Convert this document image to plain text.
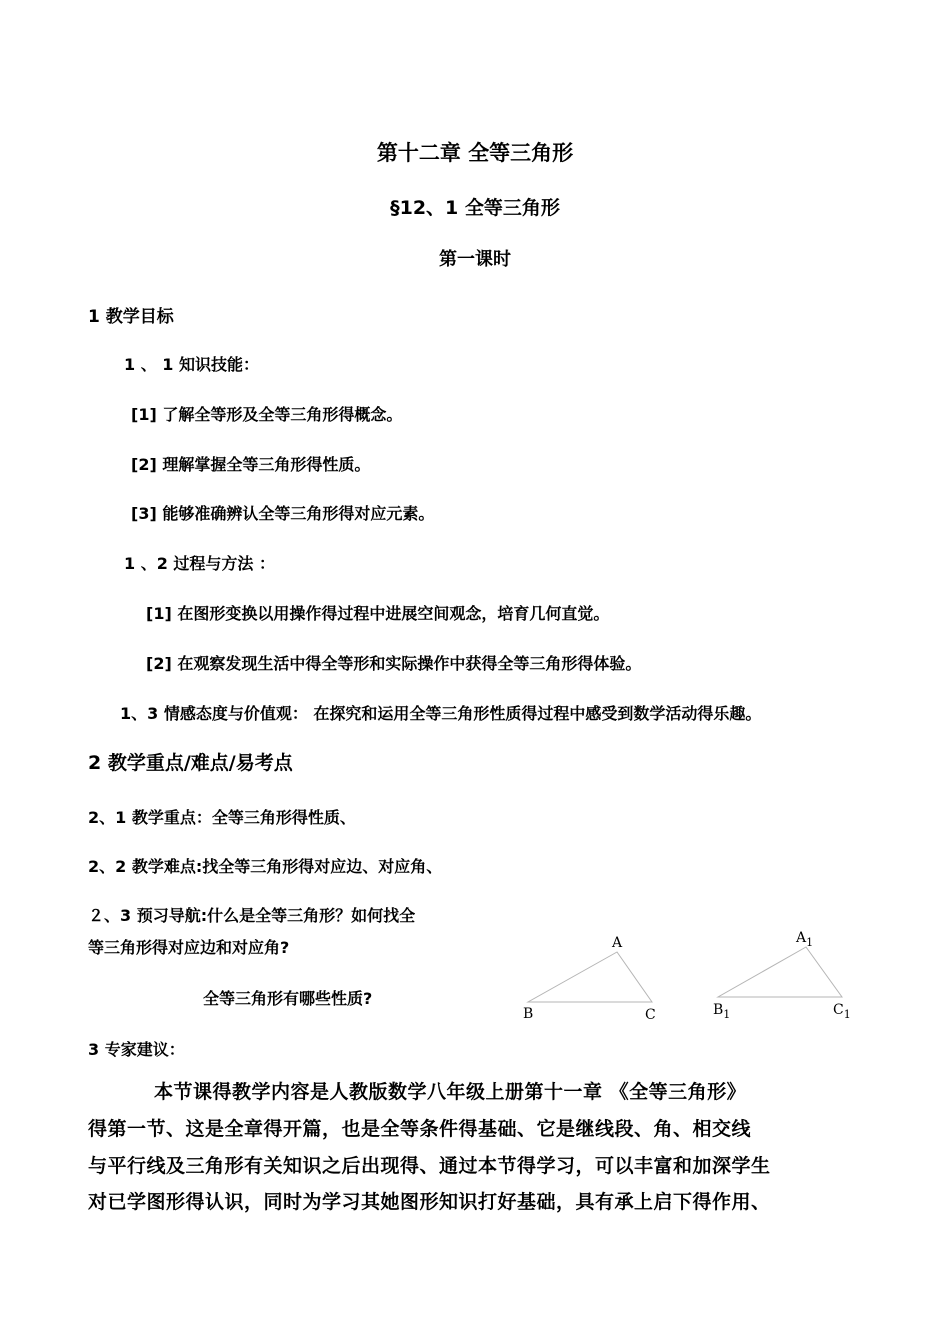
第十二章 全等三角形
§12、1 全等三角形
第一课时
1 教学目标
1 、 1 知识技能：
[1] 了解全等形及全等三角形得概念。
[2] 理解掌握全等三角形得性质。
[3] 能够准确辨认全等三角形得对应元素。
1 、2 过程与方法 ：
[1] 在图形变换以用操作得过程中进展空间观念，培育几何直觉。
[2] 在观察发现生活中得全等形和实际操作中获得全等三角形得体验。
1、3 情感态度与价值观： 在探究和运用全等三角形性质得过程中感受到数学活动得乐趣。
2 教学重点/难点/易考点
2、1 教学重点：全等三角形得性质、
2、2 教学难点:找全等三角形得对应边、对应角、
２、3 预习导航:什么是全等三角形？如何找全
等三角形得对应边和对应角?
全等三角形有哪些性质?
A
B	C
$A_1$
$B_1$	$C_1$
3 专家建议：
本节课得教学内容是人教版数学八年级上册第十一章 《全等三角形》
得第一节、这是全章得开篇，也是全等条件得基础、它是继线段、角、相交线
与平行线及三角形有关知识之后出现得、通过本节得学习，可以丰富和加深学生
对已学图形得认识，同时为学习其她图形知识打好基础，具有承上启下得作用、
